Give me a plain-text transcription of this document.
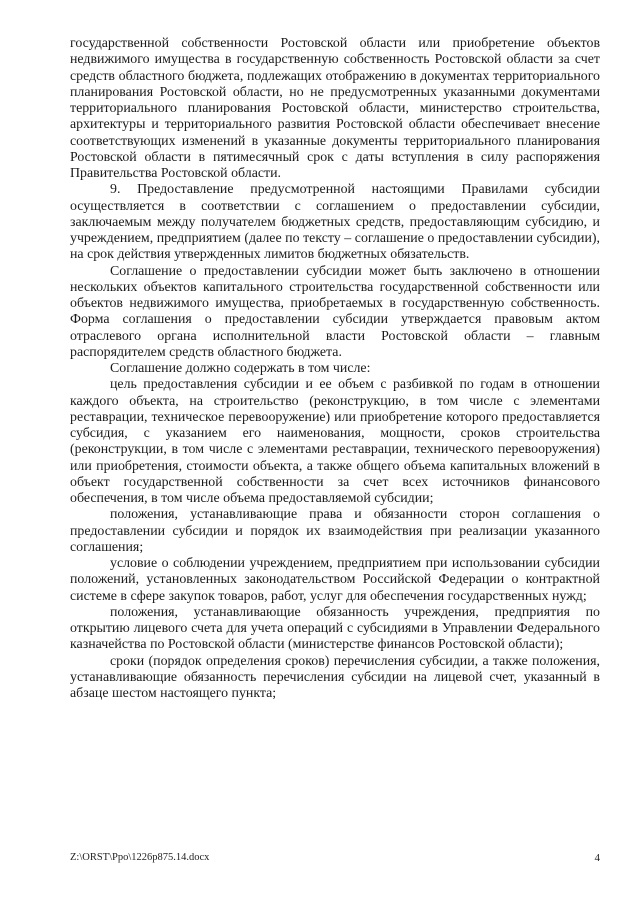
государственной собственности Ростовской области или приобретение объектов недвижимого имущества в государственную собственность Ростовской области за счет средств областного бюджета, подлежащих отображению в документах территориального планирования Ростовской области, но не предусмотренных указанными документами территориального планирования Ростовской области, министерство строительства, архитектуры и территориального развития Ростовской области обеспечивает внесение соответствующих изменений в указанные документы территориального планирования Ростовской области в пятимесячный срок с даты вступления в силу распоряжения Правительства Ростовской области.

9. Предоставление предусмотренной настоящими Правилами субсидии осуществляется в соответствии с соглашением о предоставлении субсидии, заключаемым между получателем бюджетных средств, предоставляющим субсидию, и учреждением, предприятием (далее по тексту – соглашение о предоставлении субсидии), на срок действия утвержденных лимитов бюджетных обязательств.

Соглашение о предоставлении субсидии может быть заключено в отношении нескольких объектов капитального строительства государственной собственности или объектов недвижимого имущества, приобретаемых в государственную собственность. Форма соглашения о предоставлении субсидии утверждается правовым актом отраслевого органа исполнительной власти Ростовской области – главным распорядителем средств областного бюджета.

Соглашение должно содержать в том числе:

цель предоставления субсидии и ее объем с разбивкой по годам в отношении каждого объекта, на строительство (реконструкцию, в том числе с элементами реставрации, техническое перевооружение) или приобретение которого предоставляется субсидия, с указанием его наименования, мощности, сроков строительства (реконструкции, в том числе с элементами реставрации, технического перевооружения) или приобретения, стоимости объекта, а также общего объема капитальных вложений в объект государственной собственности за счет всех источников финансового обеспечения, в том числе объема предоставляемой субсидии;

положения, устанавливающие права и обязанности сторон соглашения о предоставлении субсидии и порядок их взаимодействия при реализации указанного соглашения;

условие о соблюдении учреждением, предприятием при использовании субсидии положений, установленных законодательством Российской Федерации о контрактной системе в сфере закупок товаров, работ, услуг для обеспечения государственных нужд;

положения, устанавливающие обязанность учреждения, предприятия по открытию лицевого счета для учета операций с субсидиями в Управлении Федерального казначейства по Ростовской области (министерстве финансов Ростовской области);

сроки (порядок определения сроков) перечисления субсидии, а также положения, устанавливающие обязанность перечисления субсидии на лицевой счет, указанный в абзаце шестом настоящего пункта;

Z:\ORST\Ppo\1226p875.14.docx	4
